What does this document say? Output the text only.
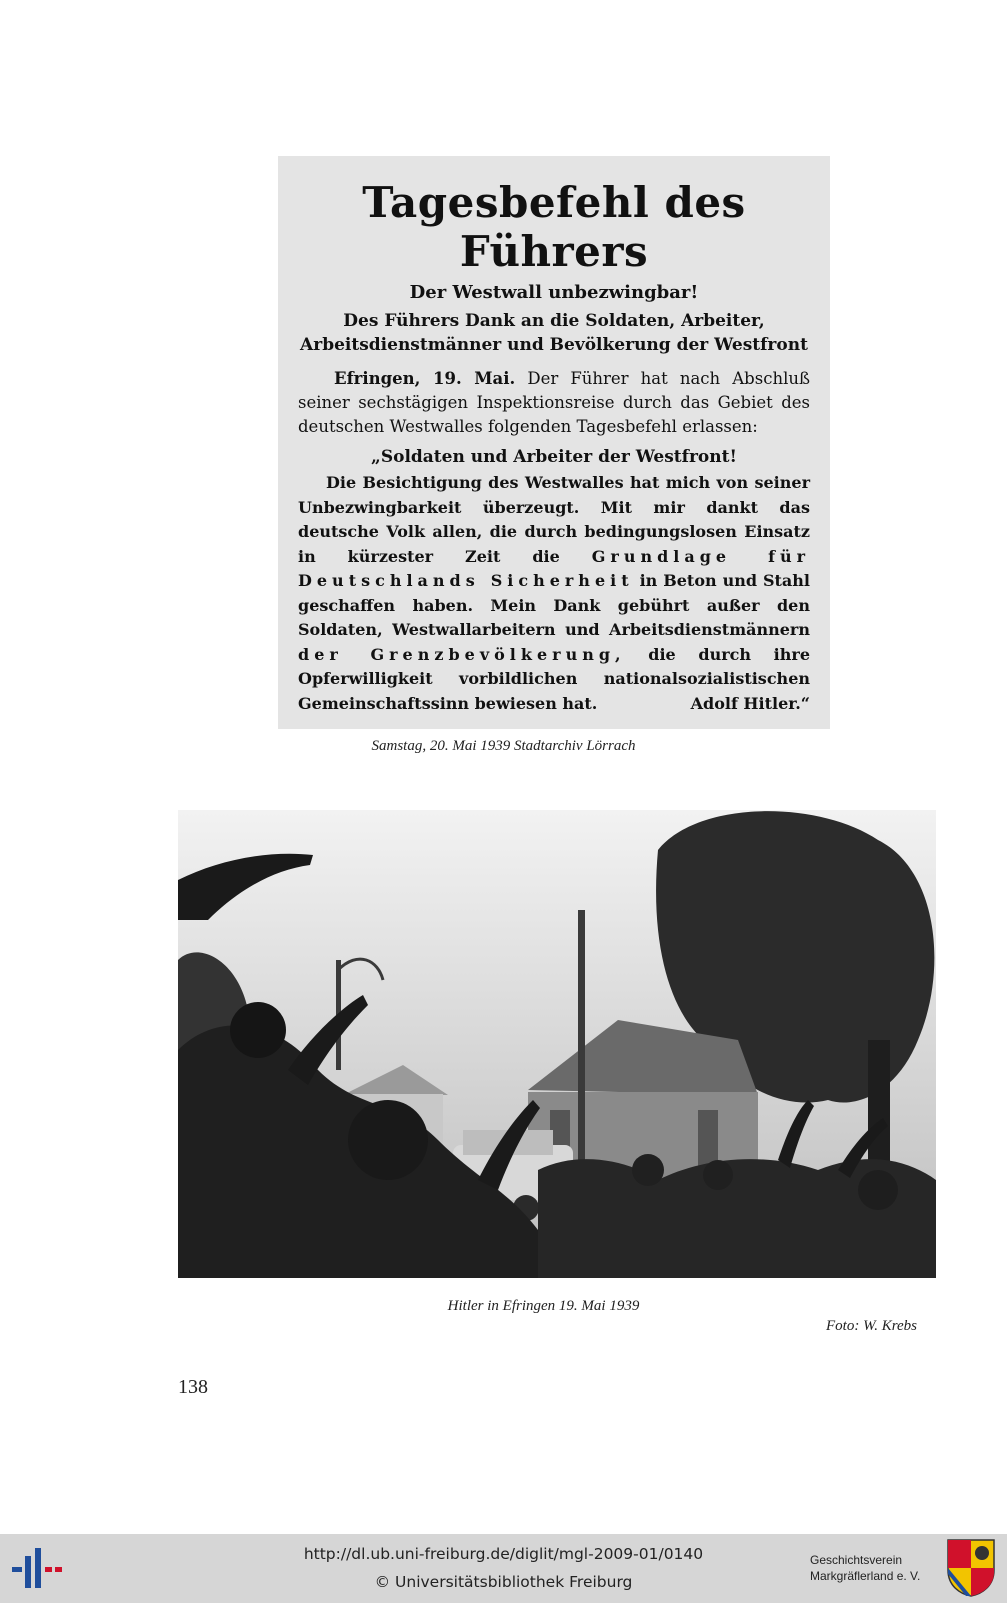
Tagesbefehl des Führers
Der Westwall unbezwingbar!
Des Führers Dank an die Soldaten, Arbeiter, Arbeitsdienstmänner und Bevölkerung der Westfront

Efringen, 19. Mai. Der Führer hat nach Abschluß seiner sechstägigen Inspektionsreise durch das Gebiet des deutschen Westwalles folgenden Tagesbefehl erlassen:

„Soldaten und Arbeiter der Westfront!

Die Besichtigung des Westwalles hat mich von seiner Unbezwingbarkeit überzeugt. Mit mir dankt das deutsche Volk allen, die durch bedingungslosen Einsatz in kürzester Zeit die Grundlage für Deutschlands Sicherheit in Beton und Stahl geschaffen haben. Mein Dank gebührt außer den Soldaten, Westwallarbeitern und Arbeitsdienstmännern der Grenzbevölkerung, die durch ihre Opferwilligkeit vorbildlichen nationalsozialistischen Gemeinschaftssinn bewiesen hat.	Adolf Hitler.“

Samstag, 20. Mai 1939 Stadtarchiv Lörrach
Hitler in Efringen 19. Mai 1939
Foto: W. Krebs
138
http://dl.ub.uni-freiburg.de/diglit/mgl-2009-01/0140
© Universitätsbibliothek Freiburg
Geschichtsverein
Markgräflerland e. V.
